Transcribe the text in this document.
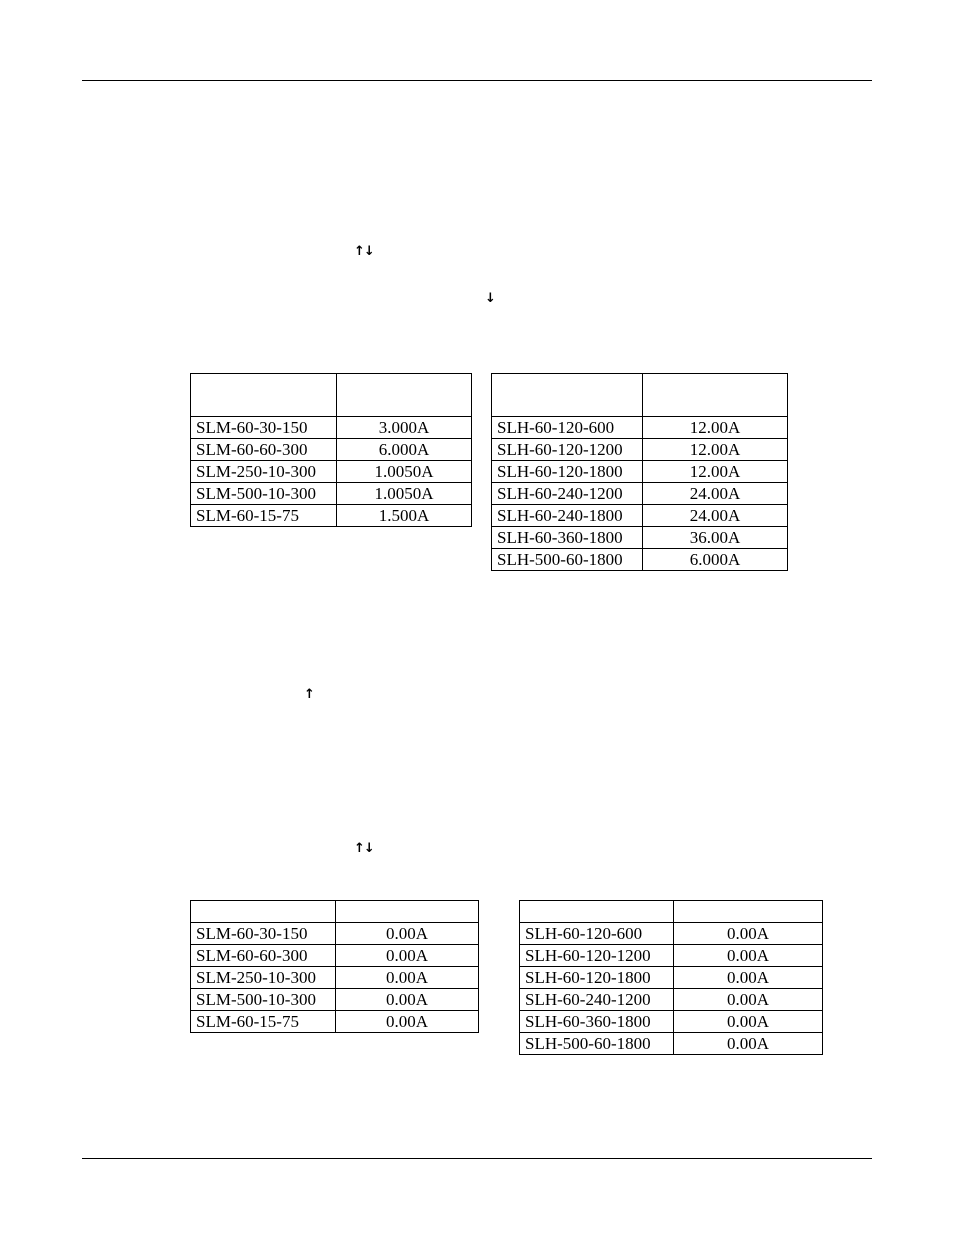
↑↓
↓

SLM-60-30-150	3.000A
SLM-60-60-300	6.000A
SLM-250-10-300	1.0050A
SLM-500-10-300	1.0050A
SLM-60-15-75	1.500A

SLH-60-120-600	12.00A
SLH-60-120-1200	12.00A
SLH-60-120-1800	12.00A
SLH-60-240-1200	24.00A
SLH-60-240-1800	24.00A
SLH-60-360-1800	36.00A
SLH-500-60-1800	6.000A
↑
↑↓

SLM-60-30-150	0.00A
SLM-60-60-300	0.00A
SLM-250-10-300	0.00A
SLM-500-10-300	0.00A
SLM-60-15-75	0.00A

SLH-60-120-600	0.00A
SLH-60-120-1200	0.00A
SLH-60-120-1800	0.00A
SLH-60-240-1200	0.00A
SLH-60-360-1800	0.00A
SLH-500-60-1800	0.00A
